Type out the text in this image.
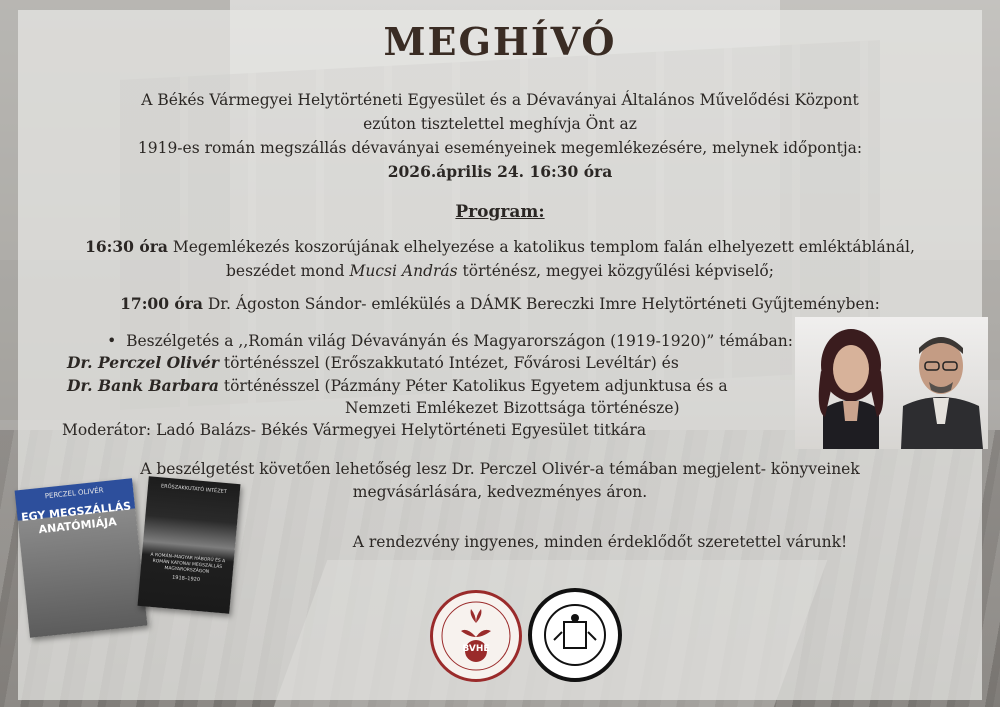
MEGHÍVÓ
A Békés Vármegyei Helytörténeti Egyesület és a Dévaványai Általános Művelődési Központ
ezúton tisztelettel meghívja Önt az
1919-es román megszállás dévaványai eseményeinek megemlékezésére, melynek időpontja:
2026.április 24. 16:30 óra
Program:
16:30 óra Megemlékezés koszorújának elhelyezése a katolikus templom falán elhelyezett emléktáblánál,
beszédet mond Mucsi András történész, megyei közgyűlési képviselő;
17:00 óra Dr. Ágoston Sándor- emlékülés a DÁMK Bereczki Imre Helytörténeti Gyűjteményben:
•  Beszélgetés a ,,Román világ Dévaványán és Magyarországon (1919-1920)” témában:
Dr. Perczel Olivér történésszel (Erőszakkutató Intézet, Fővárosi Levéltár) és
Dr. Bank Barbara történésszel (Pázmány Péter Katolikus Egyetem adjunktusa és a
Nemzeti Emlékezet Bizottsága történésze)
Moderátor: Ladó Balázs- Békés Vármegyei Helytörténeti Egyesület titkára
PERCZEL OLIVÉR
EGY MEGSZÁLLÁS ANATÓMIÁJA
ERŐSZAKKUTATÓ INTÉZET
A ROMÁN–MAGYAR HÁBORÚ ÉS A ROMÁN KATONAI MEGSZÁLLÁS MAGYARORSZÁGON
1918–1920
A beszélgetést követően lehetőség lesz Dr. Perczel Olivér-a témában megjelent- könyveinek
megvásárlására, kedvezményes áron.
A rendezvény ingyenes, minden érdeklődőt szeretettel várunk!
BVHE
